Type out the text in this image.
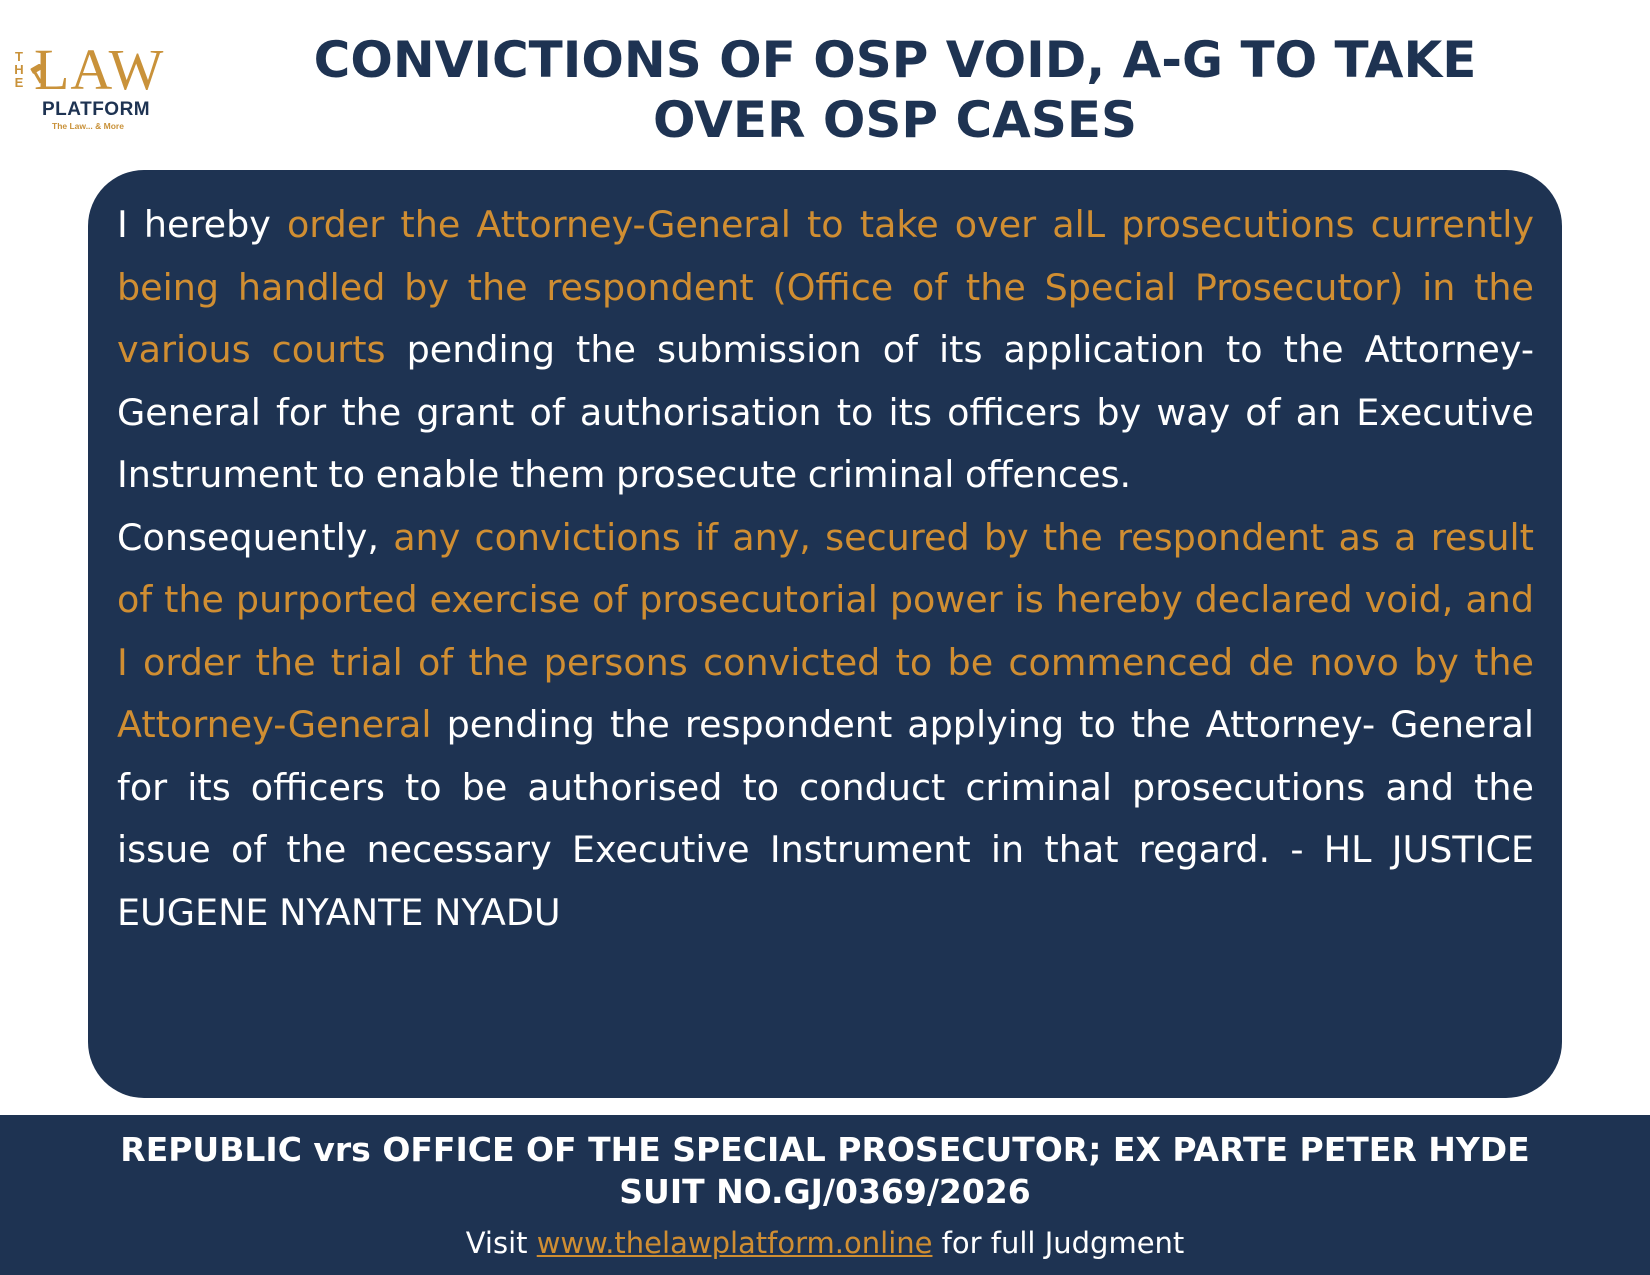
T
H
E LAW
PLATFORM
The Law... & More
CONVICTIONS OF OSP VOID, A-G TO TAKE OVER OSP CASES

I hereby order the Attorney-General to take over alL prosecutions currently being handled by the respondent (Office of the Special Prosecutor) in the various courts pending the submission of its application to the Attorney-General for the grant of authorisation to its officers by way of an Executive Instrument to enable them prosecute criminal offences.
Consequently, any convictions if any, secured by the respondent as a result of the purported exercise of prosecutorial power is hereby declared void, and I order the trial of the persons convicted to be commenced de novo by the Attorney-General pending the respondent applying to the Attorney- General for its officers to be authorised to conduct criminal prosecutions and the issue of the necessary Executive Instrument in that regard. - HL JUSTICE EUGENE NYANTE NYADU

REPUBLIC vrs OFFICE OF THE SPECIAL PROSECUTOR; EX PARTE PETER HYDE
SUIT NO.GJ/0369/2026
Visit www.thelawplatform.online for full Judgment
